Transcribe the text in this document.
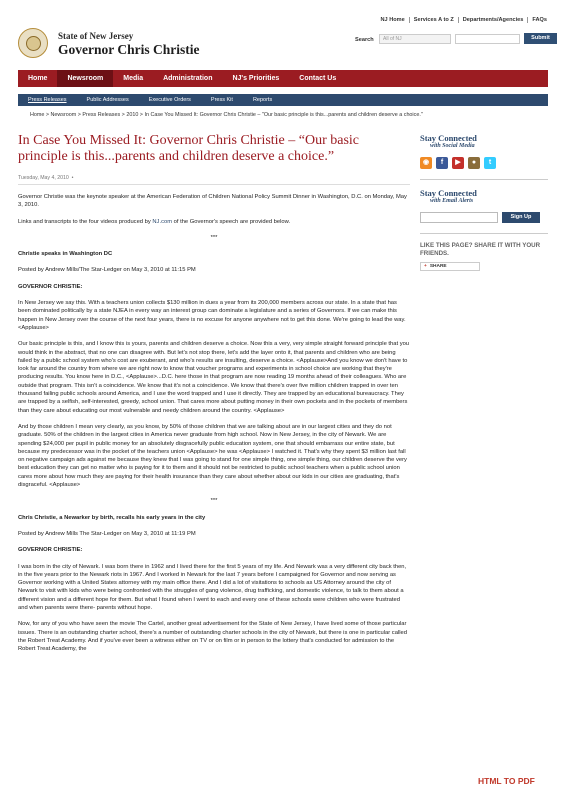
NJ Home	Services A to Z	Departments/Agencies	FAQs
State of New Jersey
Governor Chris Christie
Search	All of NJ	Submit
Home	Newsroom	Media	Administration	NJ's Priorities	Contact Us
Press Releases	Public Addresses	Executive Orders	Press Kit	Reports
Home > Newsroom > Press Releases > 2010 > In Case You Missed It: Governor Chris Christie – "Our basic principle is this...parents and children deserve a choice."
In Case You Missed It: Governor Chris Christie – “Our basic principle is this...parents and children deserve a choice.”
Tuesday, May 4, 2010  •

Governor Christie was the keynote speaker at the American Federation of Children National Policy Summit Dinner in Washington, D.C. on Monday, May 3, 2010.

Links and transcripts to the four videos produced by NJ.com of the Governor's speech are provided below.

***

Christie speaks in Washington DC

Posted by Andrew Mills/The Star-Ledger on May 3, 2010 at 11:15 PM

GOVERNOR CHRISTIE:

In New Jersey we say this. With a teachers union collects $130 million in dues a year from its 200,000 members across our state. In a state that has been dominated politically by a state NJEA in every way an interest group can dominate a legislature and a series of Governors. If we can make this happen in New Jersey over the course of the next four years, there is no excuse for anyone anywhere not to get this done. We're going to lead the way. <Applause>

Our basic principle is this, and I know this is yours, parents and children deserve a choice. Now this a very, very simple straight forward principle that you would think in the abstract, that no one can disagree with. But let's not stop there, let's add the layer onto it, that parents and children who are being failed by a public school system who's cost are exuberant, and who's results are insulting, deserve a choice. <Applause>And you know we don't have to look far around the country from where we are right now to know that voucher programs and experiments in school choice are working that they're producing results. You know here in D.C., <Applause>...D.C. here those in that program are now reading 19 months ahead of their colleagues. Who are outside that program. This isn't a coincidence. We know that it's not a coincidence. We know that there's over five million children trapped in over ten thousand failing public schools around America, and I use the word trapped and I use it directly. They are trapped by an educational bureaucracy. They are trapped by a selfish, self-interested, greedy, school union. That cares more about putting money in their own pockets and in the pockets of members than they care about educating our most vulnerable and needy children around the country. <Applause>

And by those children I mean very clearly, as you know, by 50% of those children that we are talking about are in our largest cities and they do not graduate. 50% of the children in the largest cities in America never graduate from high school. Now in New Jersey, in the city of Newark. We are spending $24,000 per pupil in public money for an absolutely disgracefully public education system, one that should embarrass our entire state, but because my predecessor was in the pocket of the teachers union <Applause> he was <Applause> I watched it. That's why they spent $3 million last fall on negative campaign ads against me because they knew that I was going to stand for one simple thing, one simple thing, our children deserve the very best education they can get no matter who is paying for it to them and it should not be restricted to public school teachers when a public school union cares more about how much they are paying for their health insurance than they care about whether about our kids in our cities are graduating, that's disgraceful. <Applause>

***

Chris Christie, a Newarker by birth, recalls his early years in the city

Posted by Andrew Mills The Star-Ledger on May 3, 2010 at 11:19 PM

GOVERNOR CHRISTIE:

I was born in the city of Newark. I was born there in 1962 and I lived there for the first 5 years of my life. And Newark was a very different city back then, in the five years prior to the Newark riots in 1967. And I worked in Newark for the last 7 years before I campaigned for Governor and now serving as Governor working with a United States attorney with my main office there. And I did a lot of visitations to schools as US Attorney around the city of Newark to visit with kids who were being confronted with the struggles of gang violence, drug trafficking, and domestic violence, to talk to them about a different vision and a different hope for them. But what I found when I went to each and every one of these schools were children who were frustrated and when parents were there- parents without hope.

Now, for any of you who have seen the movie The Cartel, another great advertisement for the State of New Jersey, I have lived some of those particular issues. There is an outstanding charter school, there's a number of outstanding charter schools in the city of Newark, but there is one in particular called the Robert Treat Academy. And if you've ever been a witness either on TV or on film or in person to the lottery that's conducted for admission to the Robert Treat Academy, the

Stay Connected
with Social Media
◉	f	▶	●	t
Stay Connected
with Email Alerts
Sign Up
LIKE THIS PAGE? SHARE IT WITH YOUR FRIENDS.
+ SHARE
HTML TO PDF
